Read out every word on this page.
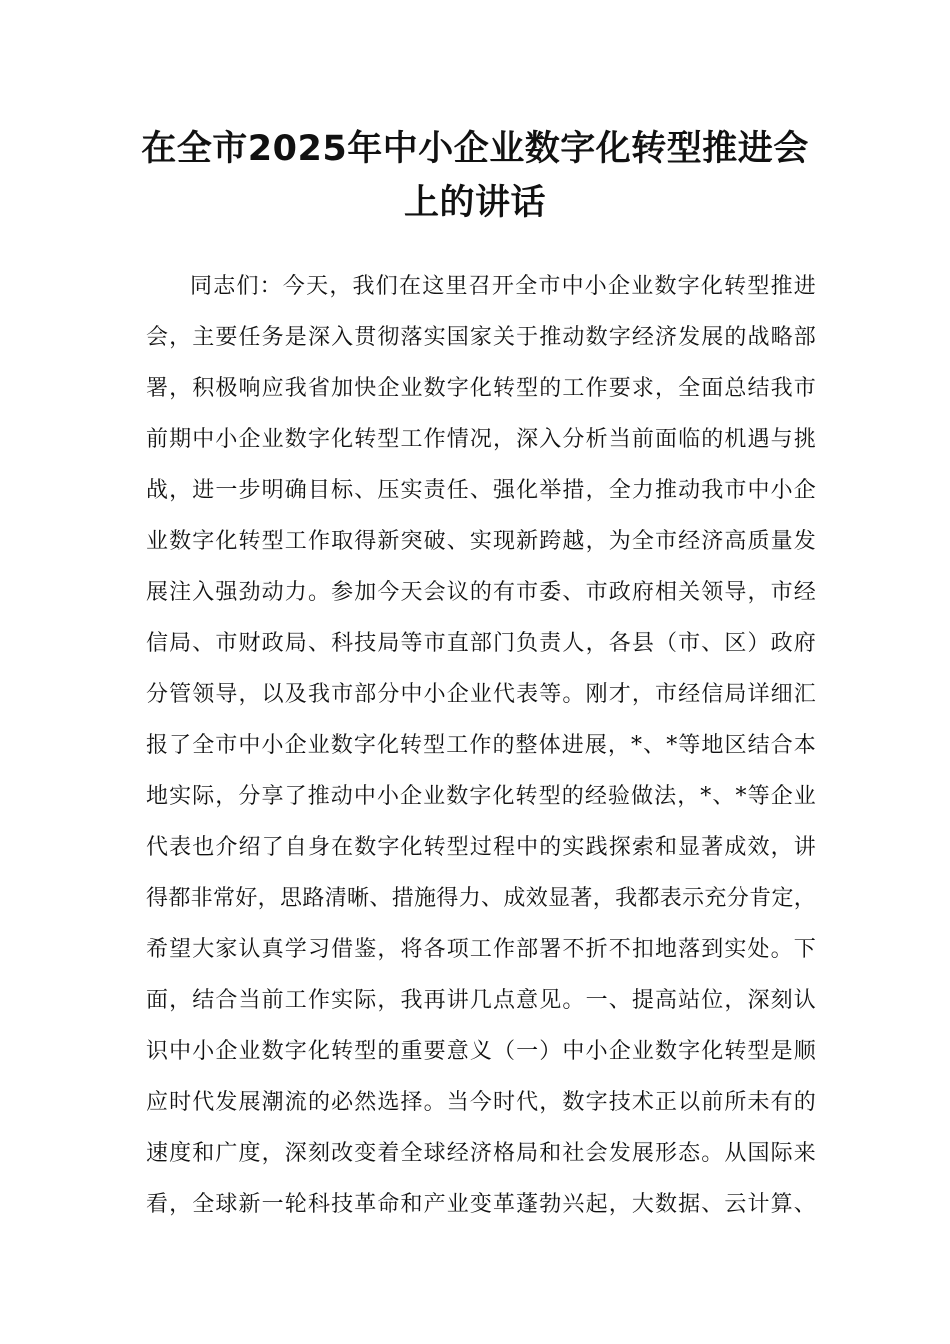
在全市2025年中小企业数字化转型推进会
上的讲话
同志们：今天，我们在这里召开全市中小企业数字化转型推进
会，主要任务是深入贯彻落实国家关于推动数字经济发展的战略部
署，积极响应我省加快企业数字化转型的工作要求，全面总结我市
前期中小企业数字化转型工作情况，深入分析当前面临的机遇与挑
战，进一步明确目标、压实责任、强化举措，全力推动我市中小企
业数字化转型工作取得新突破、实现新跨越，为全市经济高质量发
展注入强劲动力。参加今天会议的有市委、市政府相关领导，市经
信局、市财政局、科技局等市直部门负责人，各县（市、区）政府
分管领导，以及我市部分中小企业代表等。刚才，市经信局详细汇
报了全市中小企业数字化转型工作的整体进展，*、*等地区结合本
地实际，分享了推动中小企业数字化转型的经验做法，*、*等企业
代表也介绍了自身在数字化转型过程中的实践探索和显著成效，讲
得都非常好，思路清晰、措施得力、成效显著，我都表示充分肯定，
希望大家认真学习借鉴，将各项工作部署不折不扣地落到实处。下
面，结合当前工作实际，我再讲几点意见。一、提高站位，深刻认
识中小企业数字化转型的重要意义（一）中小企业数字化转型是顺
应时代发展潮流的必然选择。当今时代，数字技术正以前所未有的
速度和广度，深刻改变着全球经济格局和社会发展形态。从国际来
看，全球新一轮科技革命和产业变革蓬勃兴起，大数据、云计算、
